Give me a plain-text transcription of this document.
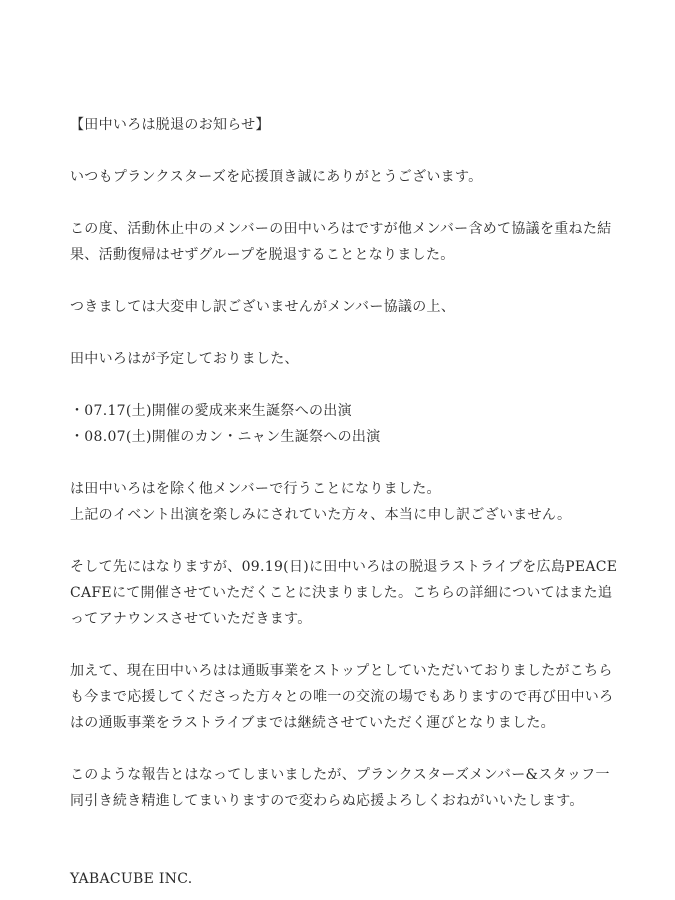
【田中いろは脱退のお知らせ】
いつもプランクスターズを応援頂き誠にありがとうございます。
この度、活動休止中のメンバーの田中いろはですが他メンバー含めて協議を重ねた結
果、活動復帰はせずグループを脱退することとなりました。
つきましては大変申し訳ございませんがメンバー協議の上、
田中いろはが予定しておりました、
・07.17(土)開催の愛成来来生誕祭への出演
・08.07(土)開催のカン・ニャン生誕祭への出演
は田中いろはを除く他メンバーで行うことになりました。
上記のイベント出演を楽しみにされていた方々、本当に申し訳ございません。
そして先にはなりますが、09.19(日)に田中いろはの脱退ラストライブを広島PEACE
CAFEにて開催させていただくことに決まりました。こちらの詳細についてはまた追
ってアナウンスさせていただきます。
加えて、現在田中いろはは通販事業をストップとしていただいておりましたがこちら
も今まで応援してくださった方々との唯一の交流の場でもありますので再び田中いろ
はの通販事業をラストライブまでは継続させていただく運びとなりました。
このような報告とはなってしまいましたが、プランクスターズメンバー&スタッフ一
同引き続き精進してまいりますので変わらぬ応援よろしくおねがいいたします。
YABACUBE INC.
